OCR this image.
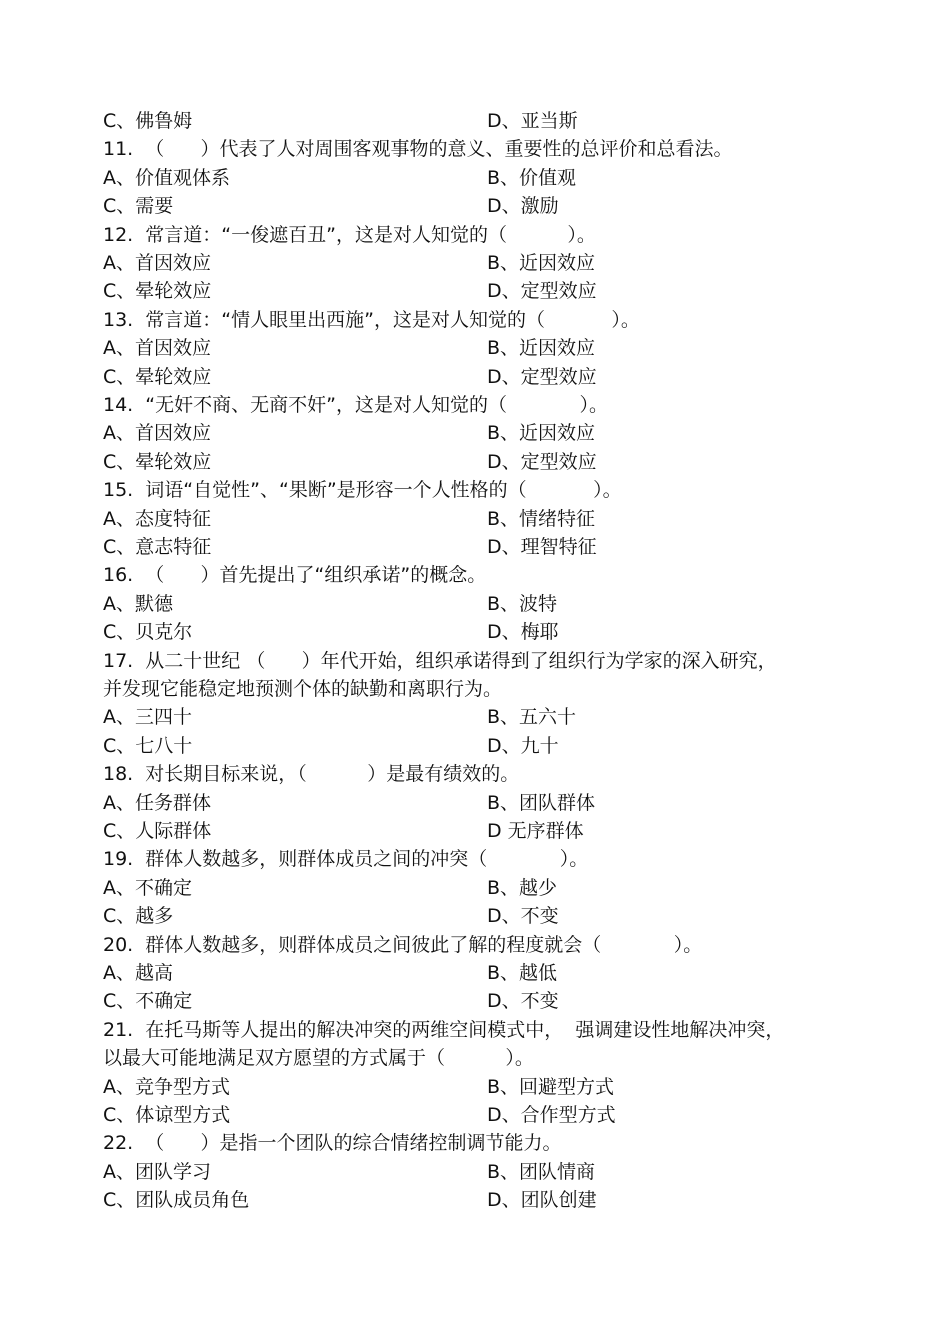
C、佛鲁姆	D、亚当斯
11.  （      ）代表了人对周围客观事物的意义、重要性的总评价和总看法。
A、价值观体系	B、价值观
C、需要	D、激励
12.  常言道：“一俊遮百丑”，这是对人知觉的（          ）。
A、首因效应	B、近因效应
C、晕轮效应	D、定型效应
13.  常言道：“情人眼里出西施”，这是对人知觉的（           ）。
A、首因效应	B、近因效应
C、晕轮效应	D、定型效应
14.  “无奸不商、无商不奸”，这是对人知觉的（            ）。
A、首因效应	B、近因效应
C、晕轮效应	D、定型效应
15.  词语“自觉性”、“果断”是形容一个人性格的（           ）。
A、态度特征	B、情绪特征
C、意志特征	D、理智特征
16.  （      ）首先提出了“组织承诺”的概念。
A、默德	B、波特
C、贝克尔	D、梅耶
17.  从二十世纪 （      ）年代开始，组织承诺得到了组织行为学家的深入研究，
并发现它能稳定地预测个体的缺勤和离职行为。
A、三四十	B、五六十
C、七八十	D、九十
18.  对长期目标来说，（          ）是最有绩效的。
A、任务群体	B、团队群体
C、人际群体	D 无序群体
19.  群体人数越多，则群体成员之间的冲突（            ）。
A、不确定	B、越少
C、越多	D、不变
20.  群体人数越多，则群体成员之间彼此了解的程度就会（            ）。
A、越高	B、越低
C、不确定	D、不变
21.  在托马斯等人提出的解决冲突的两维空间模式中，  强调建设性地解决冲突，
以最大可能地满足双方愿望的方式属于（          ）。
A、竞争型方式	B、回避型方式
C、体谅型方式	D、合作型方式
22.  （      ）是指一个团队的综合情绪控制调节能力。
A、团队学习	B、团队情商
C、团队成员角色	D、团队创建
